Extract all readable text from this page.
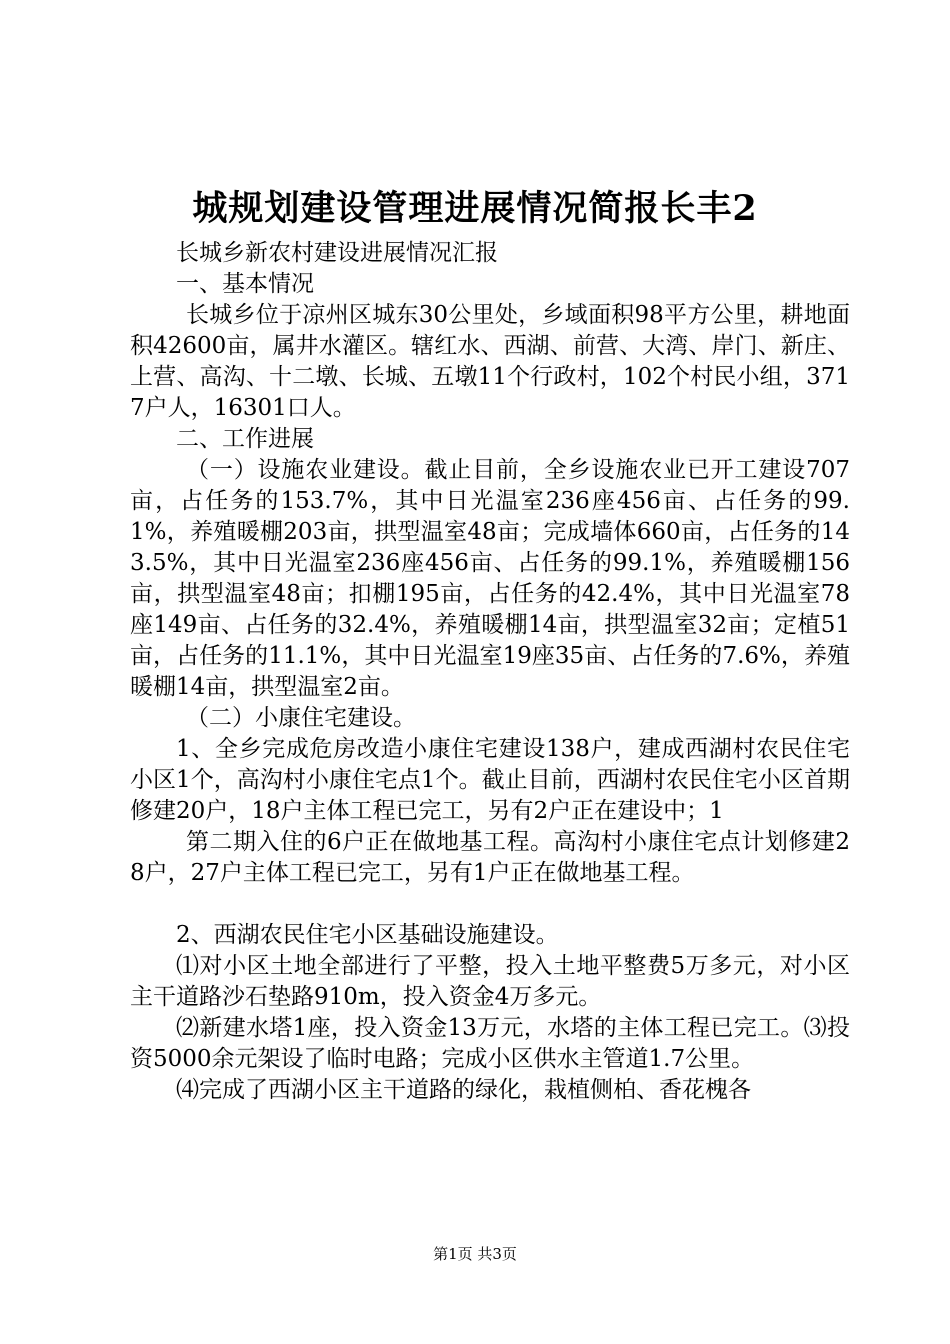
城规划建设管理进展情况简报长丰2

长城乡新农村建设进展情况汇报

一、基本情况

长城乡位于凉州区城东30公里处，乡域面积98平方公里，耕地面积42600亩，属井水灌区。辖红水、西湖、前营、大湾、岸门、新庄、上营、高沟、十二墩、长城、五墩11个行政村，102个村民小组，3717户人，16301口人。

二、工作进展

（一）设施农业建设。截止目前，全乡设施农业已开工建设707亩，占任务的153.7%，其中日光温室236座456亩、占任务的99.1%，养殖暖棚203亩，拱型温室48亩；完成墙体660亩，占任务的143.5%，其中日光温室236座456亩、占任务的99.1%，养殖暖棚156亩，拱型温室48亩；扣棚195亩，占任务的42.4%，其中日光温室78座149亩、占任务的32.4%，养殖暖棚14亩，拱型温室32亩；定植51亩，占任务的11.1%，其中日光温室19座35亩、占任务的7.6%，养殖暖棚14亩，拱型温室2亩。

（二）小康住宅建设。

1、全乡完成危房改造小康住宅建设138户，建成西湖村农民住宅小区1个，高沟村小康住宅点1个。截止目前，西湖村农民住宅小区首期修建20户，18户主体工程已完工，另有2户正在建设中；1

第二期入住的6户正在做地基工程。高沟村小康住宅点计划修建28户，27户主体工程已完工，另有1户正在做地基工程。

2、西湖农民住宅小区基础设施建设。

⑴对小区土地全部进行了平整，投入土地平整费5万多元，对小区主干道路沙石垫路910m，投入资金4万多元。

⑵新建水塔1座，投入资金13万元，水塔的主体工程已完工。⑶投资5000余元架设了临时电路；完成小区供水主管道1.7公里。

⑷完成了西湖小区主干道路的绿化，栽植侧柏、香花槐各

第1页 共3页
